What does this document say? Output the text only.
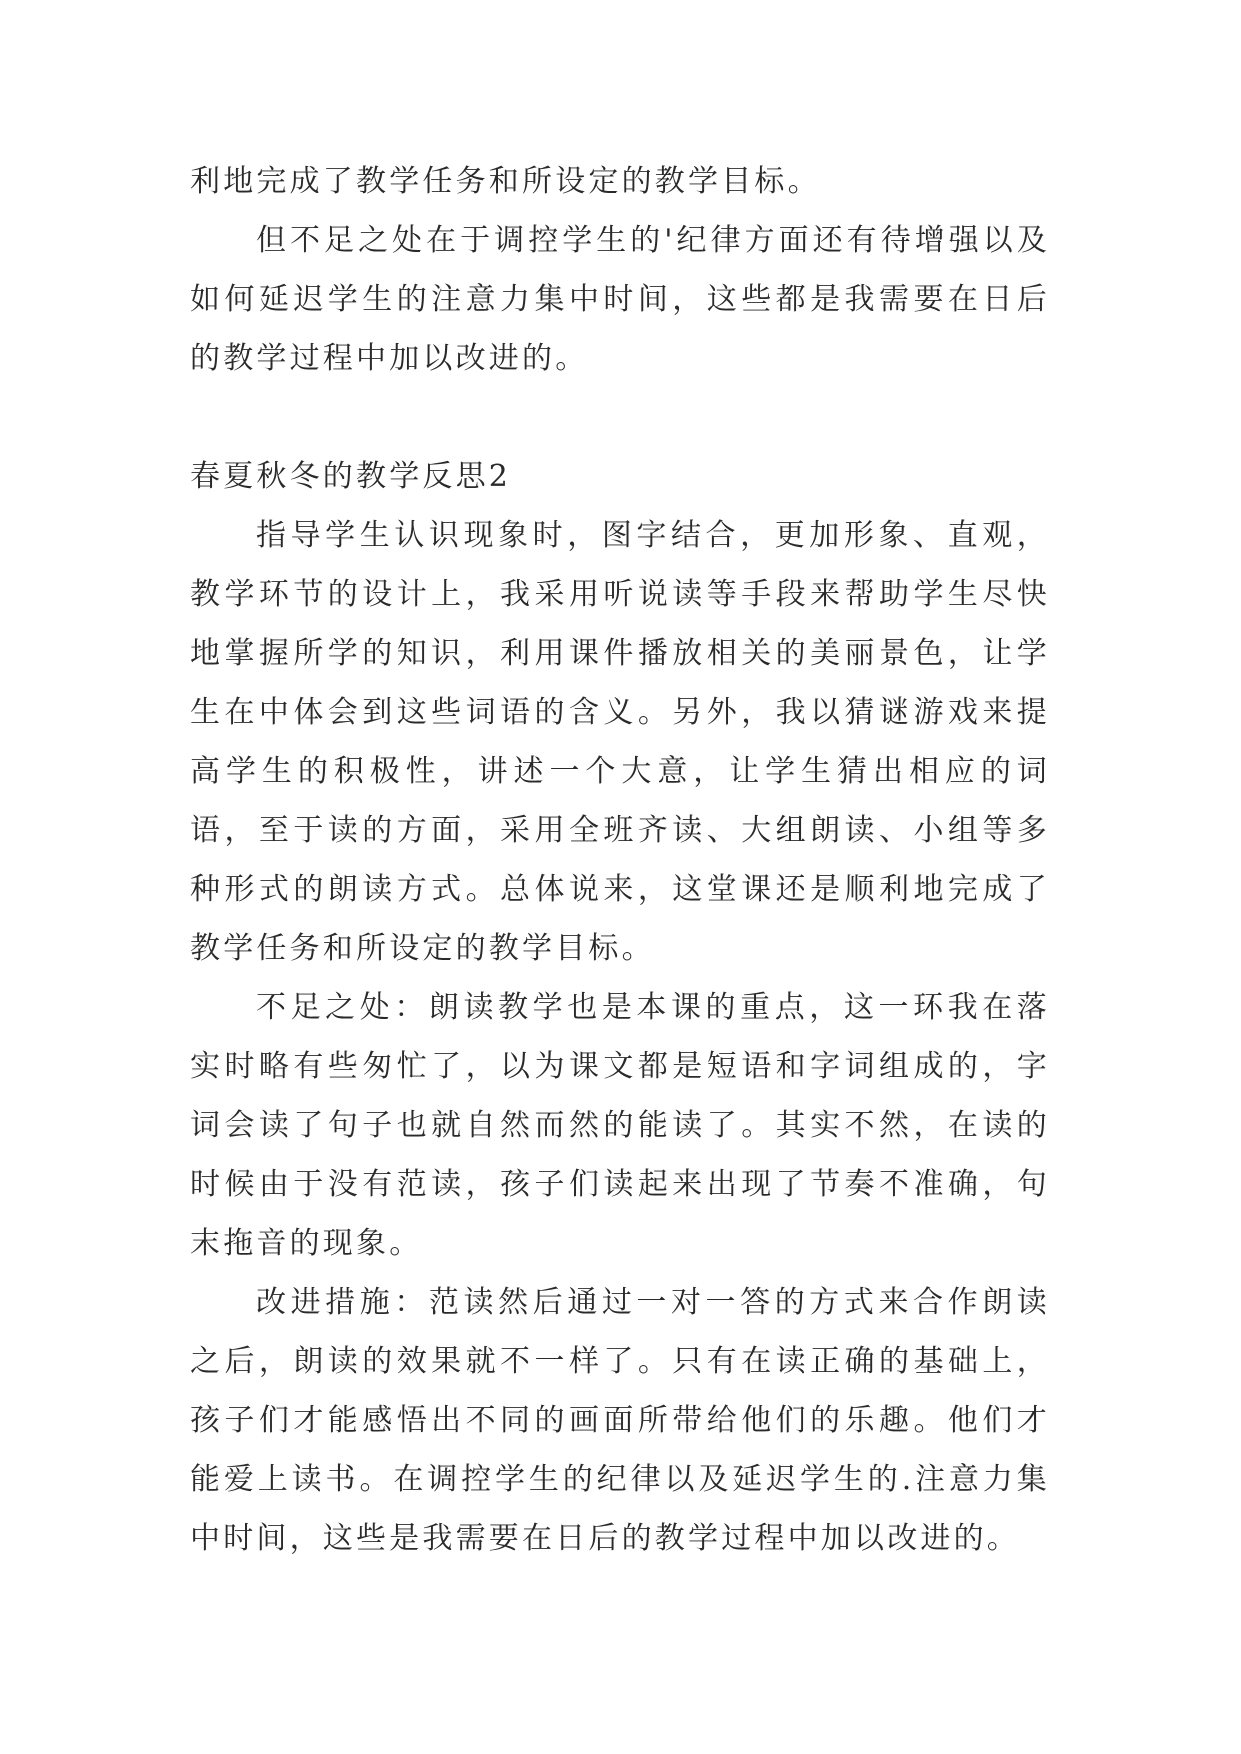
利地完成了教学任务和所设定的教学目标。

但不足之处在于调控学生的'纪律方面还有待增强以及如何延迟学生的注意力集中时间，这些都是我需要在日后的教学过程中加以改进的。

春夏秋冬的教学反思2

指导学生认识现象时，图字结合，更加形象、直观，教学环节的设计上，我采用听说读等手段来帮助学生尽快地掌握所学的知识，利用课件播放相关的美丽景色，让学生在中体会到这些词语的含义。另外，我以猜谜游戏来提高学生的积极性，讲述一个大意，让学生猜出相应的词语，至于读的方面，采用全班齐读、大组朗读、小组等多种形式的朗读方式。总体说来，这堂课还是顺利地完成了教学任务和所设定的教学目标。

不足之处：朗读教学也是本课的重点，这一环我在落实时略有些匆忙了，以为课文都是短语和字词组成的，字词会读了句子也就自然而然的能读了。其实不然，在读的时候由于没有范读，孩子们读起来出现了节奏不准确，句末拖音的现象。

改进措施：范读然后通过一对一答的方式来合作朗读之后，朗读的效果就不一样了。只有在读正确的基础上，孩子们才能感悟出不同的画面所带给他们的乐趣。他们才能爱上读书。在调控学生的纪律以及延迟学生的.注意力集中时间，这些是我需要在日后的教学过程中加以改进的。
